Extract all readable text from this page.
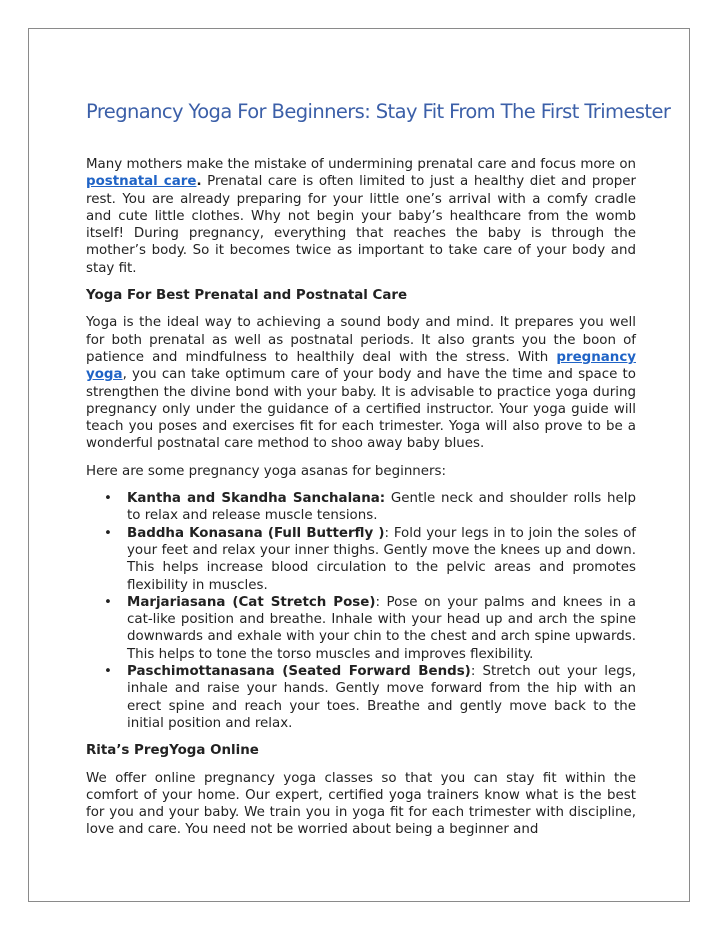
Pregnancy Yoga For Beginners: Stay Fit From The First Trimester

Many mothers make the mistake of undermining prenatal care and focus more on postnatal care. Prenatal care is often limited to just a healthy diet and proper rest. You are already preparing for your little one’s arrival with a comfy cradle and cute little clothes. Why not begin your baby’s healthcare from the womb itself! During pregnancy, everything that reaches the baby is through the mother’s body. So it becomes twice as important to take care of your body and stay fit.

Yoga For Best Prenatal and Postnatal Care

Yoga is the ideal way to achieving a sound body and mind. It prepares you well for both prenatal as well as postnatal periods. It also grants you the boon of patience and mindfulness to healthily deal with the stress. With pregnancy yoga, you can take optimum care of your body and have the time and space to strengthen the divine bond with your baby. It is advisable to practice yoga during pregnancy only under the guidance of a certified instructor. Your yoga guide will teach you poses and exercises fit for each trimester. Yoga will also prove to be a wonderful postnatal care method to shoo away baby blues.

Here are some pregnancy yoga asanas for beginners:

• Kantha and Skandha Sanchalana: Gentle neck and shoulder rolls help to relax and release muscle tensions.
• Baddha Konasana (Full Butterfly ): Fold your legs in to join the soles of your feet and relax your inner thighs. Gently move the knees up and down. This helps increase blood circulation to the pelvic areas and promotes flexibility in muscles.
• Marjariasana (Cat Stretch Pose): Pose on your palms and knees in a cat-like position and breathe. Inhale with your head up and arch the spine downwards and exhale with your chin to the chest and arch spine upwards. This helps to tone the torso muscles and improves flexibility.
• Paschimottanasana (Seated Forward Bends): Stretch out your legs, inhale and raise your hands. Gently move forward from the hip with an erect spine and reach your toes. Breathe and gently move back to the initial position and relax.
Rita’s PregYoga Online

We offer online pregnancy yoga classes so that you can stay fit within the comfort of your home. Our expert, certified yoga trainers know what is the best for you and your baby. We train you in yoga fit for each trimester with discipline, love and care. You need not be worried about being a beginner and
